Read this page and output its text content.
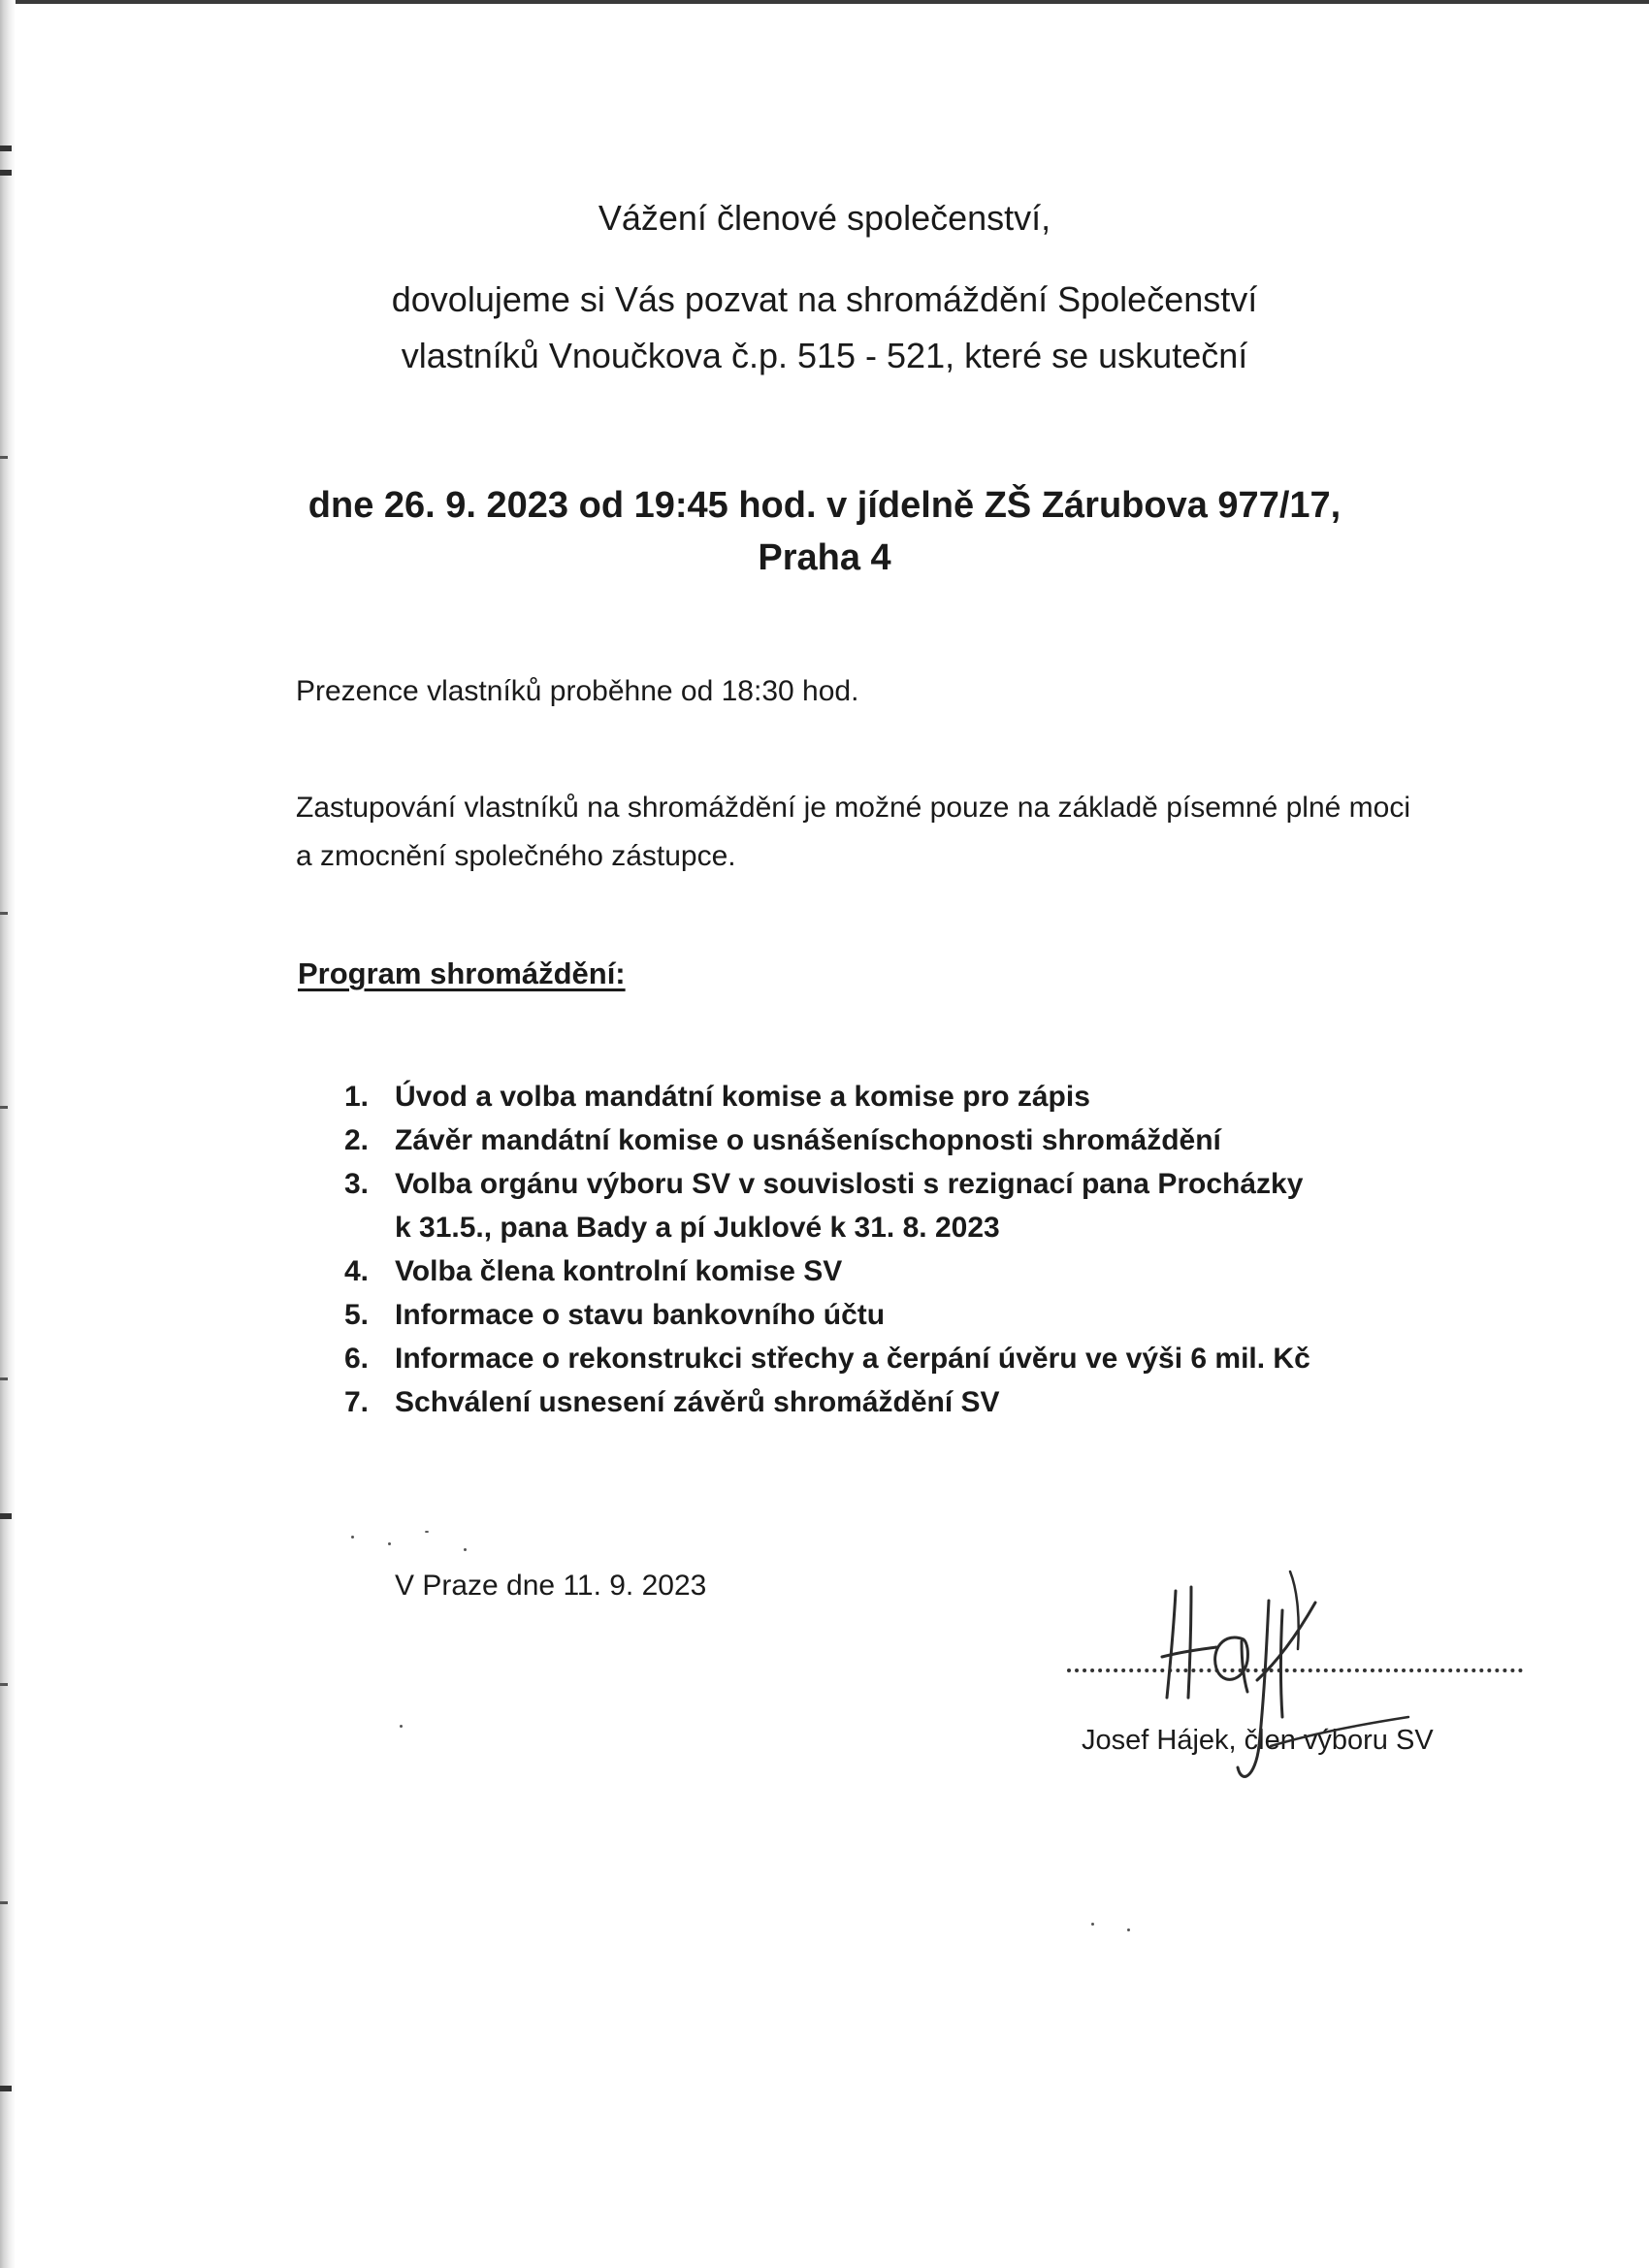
Vážení členové společenství,

dovolujeme si Vás pozvat na shromáždění Společenství
vlastníků Vnoučkova č.p. 515 - 521, které se uskuteční

dne 26. 9. 2023 od 19:45 hod. v jídelně ZŠ Zárubova 977/17,
Praha 4

Prezence vlastníků proběhne od 18:30 hod.

Zastupování vlastníků na shromáždění je možné pouze na základě písemné plné moci
a zmocnění společného zástupce.

Program shromáždění:
1. Úvod a volba mandátní komise a komise pro zápis
2. Závěr mandátní komise o usnášeníschopnosti shromáždění
3. Volba orgánu výboru SV v souvislosti s rezignací pana Procházky
k 31.5., pana Bady a pí Juklové k 31. 8. 2023
4. Volba člena kontrolní komise SV
5. Informace o stavu bankovního účtu
6. Informace o rekonstrukci střechy a čerpání úvěru ve výši 6 mil. Kč
7. Schválení usnesení závěrů shromáždění SV

V Praze dne 11. 9. 2023

Josef Hájek, člen výboru SV
